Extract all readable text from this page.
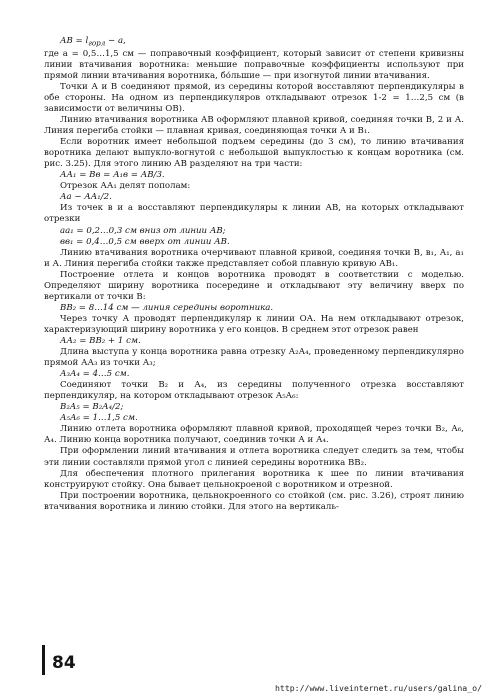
АВ = $l_{горл} - а$,

где a = 0,5…1,5 см — поправочный коэффициент, который зависит от степени кривизны линии втачивания воротника: меньшие поправочные коэффициенты используют при прямой линии втачивания воротника, бо́льшие — при изогнутой линии втачивания.

Точки А и В соединяют прямой, из середины которой восставляют перпендикуляры в обе стороны. На одном из перпендикуляров откладывают отрезок 1-2 = 1…2,5 см (в зависимости от величины ОВ).

Линию втачивания воротника АВ оформляют плавной кривой, соединяя точки В, 2 и А. Линия перегиба стойки — плавная кривая, соединяющая точки А и В₁.

Если воротник имеет небольшой подъем середины (до 3 см), то линию втачивания воротника делают выпукло-вогнутой с небольшой выпуклостью к концам воротника (см. рис. 3.25). Для этого линию АВ разделяют на три части:

АА₁ = Вв = А₁в = АВ/3.

Отрезок АА₁ делят пополам:

Аа − АА₁/2.

Из точек в и а восставляют перпендикуляры к линии АВ, на которых откладывают отрезки

аа₁ = 0,2…0,3 см вниз от линии АВ;

вв₁ = 0,4…0,5 см вверх от линии АВ.

Линию втачивания воротника очерчивают плавной кривой, соединяя точки В, в₁, А₁, а₁ и А. Линия перегиба стойки также представляет собой плавную кривую АВ₁.

Построение отлета и концов воротника проводят в соответствии с моделью. Определяют ширину воротника посередине и откладывают эту величину вверх по вертикали от точки В:

ВВ₂ = 8…14 см — линия середины воротника.

Через точку А проводят перпендикуляр к линии ОА. На нем откладывают отрезок, характеризующий ширину воротника у его концов. В среднем этот отрезок равен

АА₂ = ВВ₂ + 1 см.

Длина выступа у конца воротника равна отрезку А₂А₄, проведенному перпендикулярно прямой АА₃ из точки А₃;

А₃А₄ = 4…5 см.

Соединяют точки В₂ и А₄, из середины полученного отрезка восставляют перпендикуляр, на котором откладывают отрезок А₅А₆:

В₂А₅ = В₂А₄/2;

А₅А₆ = 1…1,5 см.

Линию отлета воротника оформляют плавной кривой, проходящей через точки В₂, А₆, А₄. Линию конца воротника получают, соединив точки А и А₄.

При оформлении линий втачивания и отлета воротника следует следить за тем, чтобы эти линии составляли прямой угол с линией середины воротника ВВ₂.

Для обеспечения плотного прилегания воротника к шее по линии втачивания конструируют стойку. Она бывает цельнокроеной с воротником и отрезной.

При построении воротника, цельнокроенного со стойкой (см. рис. 3.26), строят линию втачивания воротника и линию стойки. Для этого на вертикаль-

84
http://www.liveinternet.ru/users/galina_o/
